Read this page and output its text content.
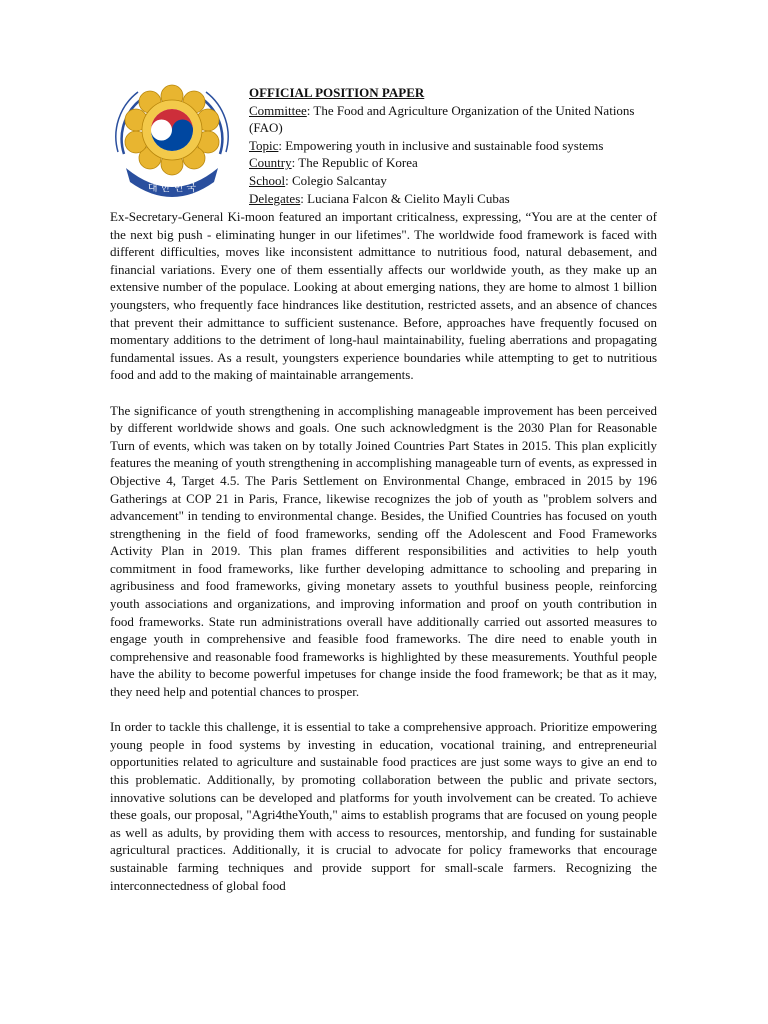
대 한 민 국

OFFICIAL POSITION PAPER

Committee: The Food and Agriculture Organization of the United Nations (FAO)

Topic: Empowering youth in inclusive and sustainable food systems

Country: The Republic of Korea

School: Colegio Salcantay

Delegates: Luciana Falcon & Cielito Mayli Cubas

Ex-Secretary-General Ki-moon featured an important criticalness, expressing, “You are at the center of the next big push - eliminating hunger in our lifetimes". The worldwide food framework is faced with different difficulties, moves like inconsistent admittance to nutritious food, natural debasement, and financial variations. Every one of them essentially affects our worldwide youth, as they make up an extensive number of the populace. Looking at about emerging nations, they are home to almost 1 billion youngsters, who frequently face hindrances like destitution, restricted assets, and an absence of chances that prevent their admittance to sufficient sustenance. Before, approaches have frequently focused on momentary additions to the detriment of long-haul maintainability, fueling aberrations and propagating fundamental issues. As a result, youngsters experience boundaries while attempting to get to nutritious food and add to the making of maintainable arrangements.

The significance of youth strengthening in accomplishing manageable improvement has been perceived by different worldwide shows and goals. One such acknowledgment is the 2030 Plan for Reasonable Turn of events, which was taken on by totally Joined Countries Part States in 2015. This plan explicitly features the meaning of youth strengthening in accomplishing manageable turn of events, as expressed in Objective 4, Target 4.5. The Paris Settlement on Environmental Change, embraced in 2015 by 196 Gatherings at COP 21 in Paris, France, likewise recognizes the job of youth as "problem solvers and advancement" in tending to environmental change. Besides, the Unified Countries has focused on youth strengthening in the field of food frameworks, sending off the Adolescent and Food Frameworks Activity Plan in 2019. This plan frames different responsibilities and activities to help youth commitment in food frameworks, like further developing admittance to schooling and preparing in agribusiness and food frameworks, giving monetary assets to youthful business people, reinforcing youth associations and organizations, and improving information and proof on youth contribution in food frameworks. State run administrations overall have additionally carried out assorted measures to engage youth in comprehensive and feasible food frameworks. The dire need to enable youth in comprehensive and reasonable food frameworks is highlighted by these measurements. Youthful people have the ability to become powerful impetuses for change inside the food framework; be that as it may, they need help and potential chances to prosper.

In order to tackle this challenge, it is essential to take a comprehensive approach. Prioritize empowering young people in food systems by investing in education, vocational training, and entrepreneurial opportunities related to agriculture and sustainable food practices are just some ways to give an end to this problematic. Additionally, by promoting collaboration between the public and private sectors, innovative solutions can be developed and platforms for youth involvement can be created. To achieve these goals, our proposal, "Agri4theYouth," aims to establish programs that are focused on young people as well as adults, by providing them with access to resources, mentorship, and funding for sustainable agricultural practices. Additionally, it is crucial to advocate for policy frameworks that encourage sustainable farming techniques and provide support for small-scale farmers. Recognizing the interconnectedness of global food
